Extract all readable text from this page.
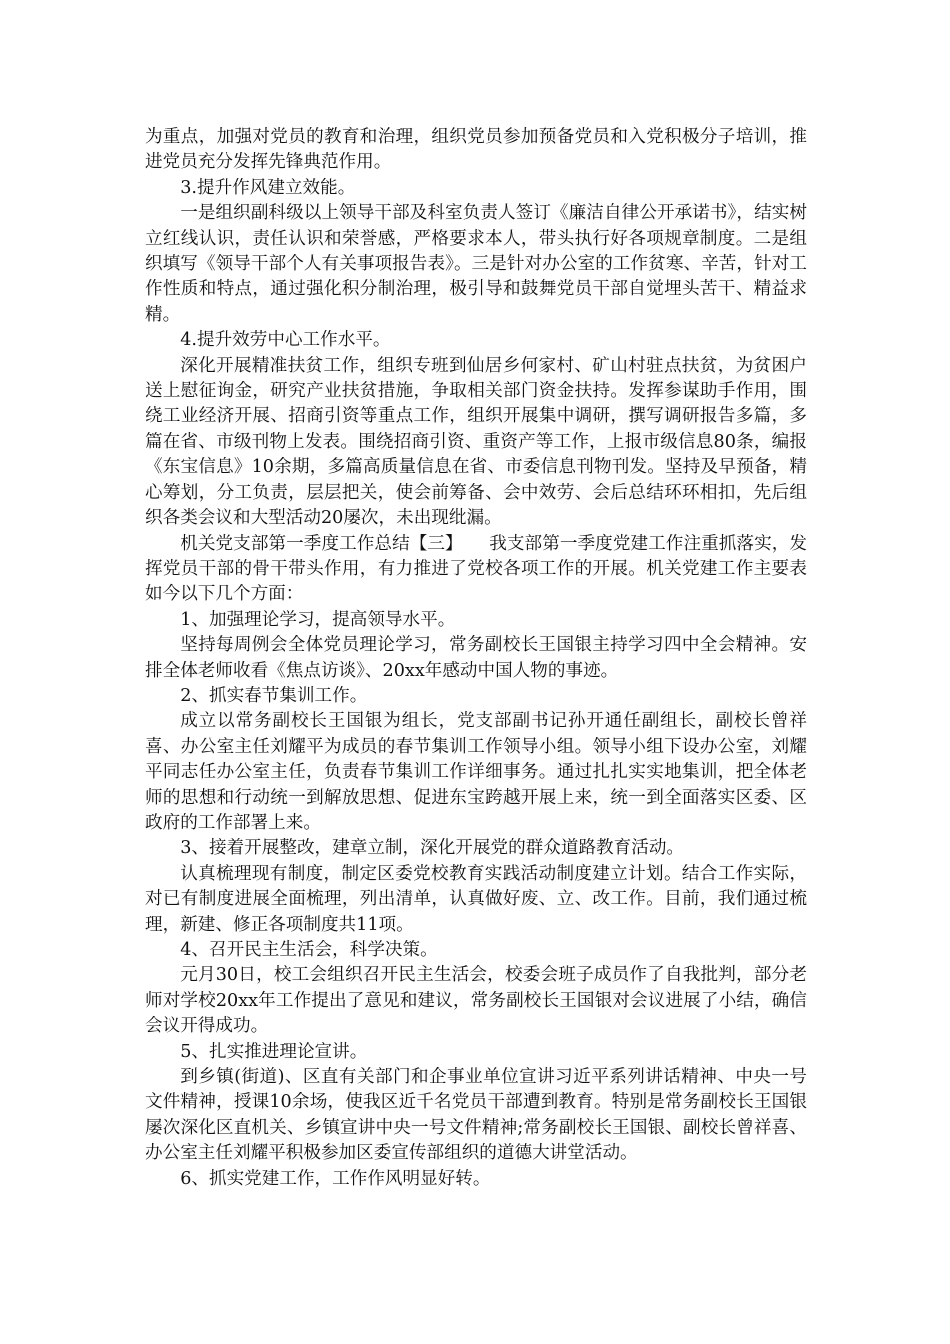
为重点，加强对党员的教育和治理，组织党员参加预备党员和入党积极分子培训，推进党员充分发挥先锋典范作用。

3.提升作风建立效能。

一是组织副科级以上领导干部及科室负责人签订《廉洁自律公开承诺书》，结实树立红线认识，责任认识和荣誉感，严格要求本人，带头执行好各项规章制度。二是组织填写《领导干部个人有关事项报告表》。三是针对办公室的工作贫寒、辛苦，针对工作性质和特点，通过强化积分制治理，极引导和鼓舞党员干部自觉埋头苦干、精益求精。

4.提升效劳中心工作水平。

深化开展精准扶贫工作，组织专班到仙居乡何家村、矿山村驻点扶贫，为贫困户送上慰征询金，研究产业扶贫措施，争取相关部门资金扶持。发挥参谋助手作用，围绕工业经济开展、招商引资等重点工作，组织开展集中调研，撰写调研报告多篇，多篇在省、市级刊物上发表。围绕招商引资、重资产等工作，上报市级信息80条，编报《东宝信息》10余期，多篇高质量信息在省、市委信息刊物刊发。坚持及早预备，精心筹划，分工负责，层层把关，使会前筹备、会中效劳、会后总结环环相扣，先后组织各类会议和大型活动20屡次，未出现纰漏。

机关党支部第一季度工作总结【三】　　我支部第一季度党建工作注重抓落实，发挥党员干部的骨干带头作用，有力推进了党校各项工作的开展。机关党建工作主要表如今以下几个方面：

1、加强理论学习，提高领导水平。

坚持每周例会全体党员理论学习，常务副校长王国银主持学习四中全会精神。安排全体老师收看《焦点访谈》、20xx年感动中国人物的事迹。

2、抓实春节集训工作。

成立以常务副校长王国银为组长，党支部副书记孙开通任副组长，副校长曾祥喜、办公室主任刘耀平为成员的春节集训工作领导小组。领导小组下设办公室，刘耀平同志任办公室主任，负责春节集训工作详细事务。通过扎扎实实地集训，把全体老师的思想和行动统一到解放思想、促进东宝跨越开展上来，统一到全面落实区委、区政府的工作部署上来。

3、接着开展整改，建章立制，深化开展党的群众道路教育活动。

认真梳理现有制度，制定区委党校教育实践活动制度建立计划。结合工作实际，对已有制度进展全面梳理，列出清单，认真做好废、立、改工作。目前，我们通过梳理，新建、修正各项制度共11项。

4、召开民主生活会，科学决策。

元月30日，校工会组织召开民主生活会，校委会班子成员作了自我批判，部分老师对学校20xx年工作提出了意见和建议，常务副校长王国银对会议进展了小结，确信会议开得成功。

5、扎实推进理论宣讲。

到乡镇(街道)、区直有关部门和企事业单位宣讲习近平系列讲话精神、中央一号文件精神，授课10余场，使我区近千名党员干部遭到教育。特别是常务副校长王国银屡次深化区直机关、乡镇宣讲中央一号文件精神;常务副校长王国银、副校长曾祥喜、办公室主任刘耀平积极参加区委宣传部组织的道德大讲堂活动。

6、抓实党建工作，工作作风明显好转。
